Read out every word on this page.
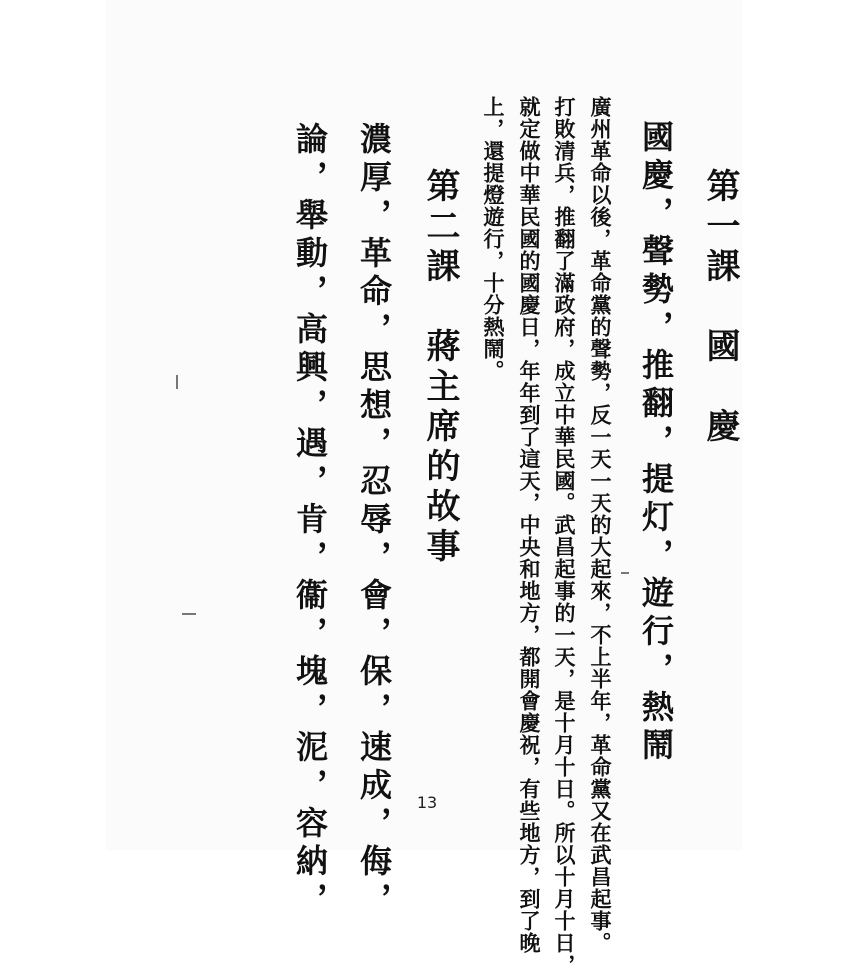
第一課　國　慶
國慶，聲勢，推翻，提灯，遊行，熱鬧
廣州革命以後，革命黨的聲勢，反一天一天的大起來，不上半年，革命黨又在武昌起事。
打敗清兵，推翻了滿政府，成立中華民國。武昌起事的一天，是十月十日。所以十月十日，
就定做中華民國的國慶日，年年到了這天，中央和地方，都開會慶祝，有些地方，到了晚
上，還提燈遊行，十分熱鬧。
第二課　蔣主席的故事
濃厚，革命，思想，忍辱，會，保，速成，侮，
論，舉動，高興，遇，肯，衞，塊，泥，容納，	13
